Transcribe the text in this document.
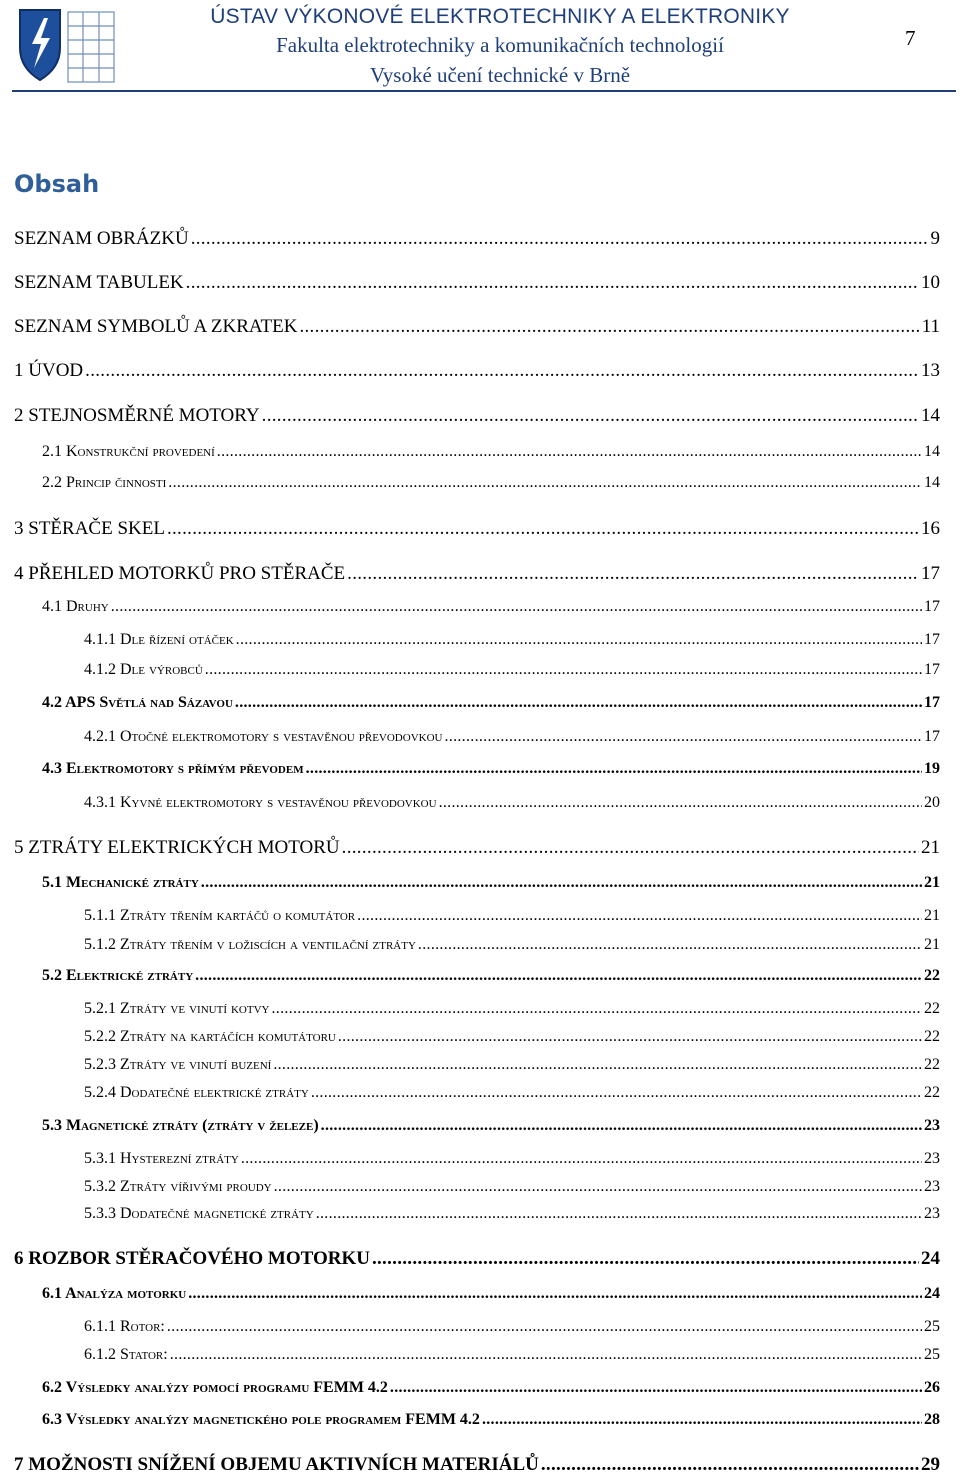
ÚSTAV VÝKONOVÉ ELEKTROTECHNIKY A ELEKTRONIKY
Fakulta elektrotechniky a komunikačních technologií
Vysoké učení technické v Brně
7
Obsah
SEZNAM OBRÁZKŮ .....	9
SEZNAM TABULEK .....	10
SEZNAM SYMBOLŮ A ZKRATEK .....	11
1 ÚVOD .....	13
2 STEJNOSMĚRNÉ MOTORY .....	14
2.1 Konstrukční provedení .....	14
2.2 Princip činnosti .....	14
3 STĚRAČE SKEL .....	16
4 PŘEHLED MOTORKŮ PRO STĚRAČE .....	17
4.1 Druhy .....	17
4.1.1 Dle řízení otáček .....	17
4.1.2 Dle výrobců .....	17
4.2 APS Světlá nad Sázavou .....	17
4.2.1 Otočné elektromotory s vestavěnou převodovkou .....	17
4.3 Elektromotory s přímým převodem .....	19
4.3.1 Kyvné elektromotory s vestavěnou převodovkou .....	20
5 ZTRÁTY ELEKTRICKÝCH MOTORŮ .....	21
5.1 Mechanické ztráty .....	21
5.1.1 Ztráty třením kartáčů o komutátor .....	21
5.1.2 Ztráty třením v ložiscích a ventilační ztráty .....	21
5.2 Elektrické ztráty .....	22
5.2.1 Ztráty ve vinutí kotvy .....	22
5.2.2 Ztráty na kartáčích komutátoru .....	22
5.2.3 Ztráty ve vinutí buzení .....	22
5.2.4 Dodatečné elektrické ztráty .....	22
5.3 Magnetické ztráty (ztráty v železe) .....	23
5.3.1 Hysterezní ztráty .....	23
5.3.2 Ztráty vířivými proudy .....	23
5.3.3 Dodatečné magnetické ztráty .....	23
6 ROZBOR STĚRAČOVÉHO MOTORKU .....	24
6.1 Analýza motorku .....	24
6.1.1 Rotor: .....	25
6.1.2 Stator: .....	25
6.2 Výsledky analýzy pomocí programu FEMM 4.2 .....	26
6.3 Výsledky analýzy magnetického pole programem FEMM 4.2 .....	28
7 MOŽNOSTI SNÍŽENÍ OBJEMU AKTIVNÍCH MATERIÁLŮ .....	29
